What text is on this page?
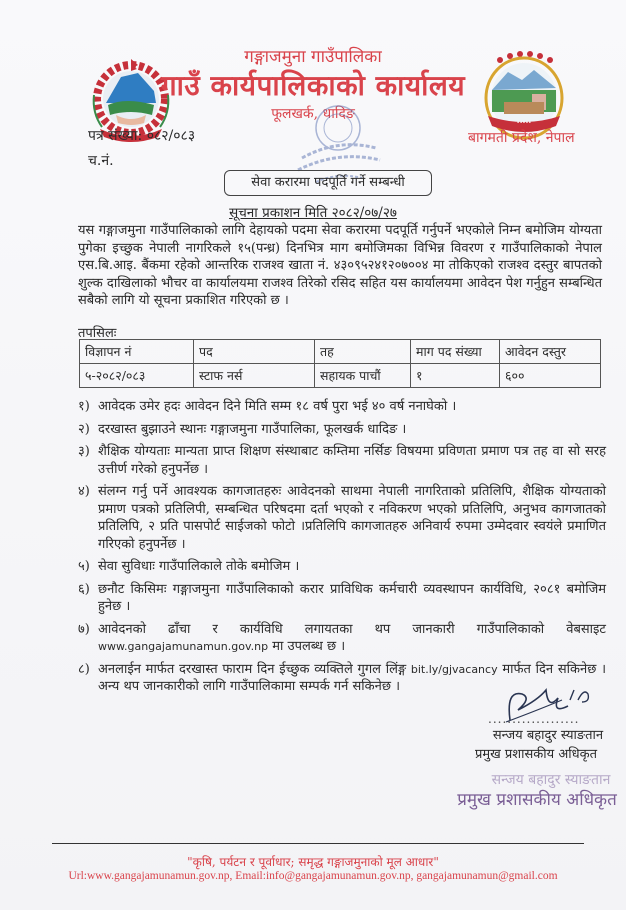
•••••
गङ्गाजमुना गाउँपालिका
गाउँ कार्यपालिकाको कार्यालय
फूलखर्क, धादिङ
बागमती प्रदेश, नेपाल
पत्र संख्या: ०८२/०८३
च.नं.
सेवा करारमा पदपूर्ति गर्ने सम्बन्धी
सूचना प्रकाशन मिति २०८२/०७/२७
यस गङ्गाजमुना गाउँपालिकाको लागि देहायको पदमा सेवा करारमा पदपूर्ति गर्नुपर्ने भएकोले निम्न बमोजिम योग्यता पुगेका इच्छुक नेपाली नागरिकले १५(पन्ध्र) दिनभित्र माग बमोजिमका विभिन्न विवरण र गाउँपालिकाको नेपाल एस.बि.आइ. बैंकमा रहेको आन्तरिक राजश्व खाता नं. ४३०९५२४१२०७००४ मा तोकिएको राजश्व दस्तुर बापतको शुल्क दाखिलाको भौचर वा कार्यालयमा राजश्व तिरेको रसिद सहित यस कार्यालयमा आवेदन पेश गर्नुहुन सम्बन्धित सबैको लागि यो सूचना प्रकाशित गरिएको छ ।
तपसिलः
विज्ञापन नं	पद	तह	माग पद संख्या	आवेदन दस्तुर
५-२०८२/०८३	स्टाफ नर्स	सहायक पाचौं	१	६००
१) आवेदक उमेर हदः आवेदन दिने मिति सम्म १८ वर्ष पुरा भई ४० वर्ष ननाघेको ।
२) दरखास्त बुझाउने स्थानः गङ्गाजमुना गाउँपालिका, फूलखर्क धादिङ ।
३) शैक्षिक योग्यताः मान्यता प्राप्त शिक्षण संस्थाबाट कम्तिमा नर्सिङ विषयमा प्रविणता प्रमाण पत्र तह वा सो सरह उत्तीर्ण गरेको हनुपर्नेछ ।
४) संलग्न गर्नु पर्ने आवश्यक कागजातहरुः आवेदनको साथमा नेपाली नागरिताको प्रतिलिपि, शैक्षिक योग्यताको प्रमाण पत्रको प्रतिलिपी, सम्बन्धित परिषदमा दर्ता भएको र नविकरण भएको प्रतिलिपि, अनुभव कागजातको प्रतिलिपि, २ प्रति पासपोर्ट साईजको फोटो ।प्रतिलिपि कागजातहरु अनिवार्य रुपमा उम्मेदवार स्वयंले प्रमाणित गरिएको हनुपर्नेछ ।
५) सेवा सुविधाः गाउँपालिकाले तोके बमोजिम ।
६) छनौट किसिमः गङ्गाजमुना गाउँपालिकाको करार प्राविधिक कर्मचारी व्यवस्थापन कार्यविधि, २०८१ बमोजिम हुनेछ ।
७) आवेदनको ढाँचा र कार्यविधि लगायतका थप जानकारी गाउँपालिकाको वेबसाइट www.gangajamunamun.gov.np मा उपलब्ध छ ।
८) अनलाईन मार्फत दरखास्त फाराम दिन ईच्छुक व्यक्तिले गुगल लिंङ्ग bit.ly/gjvacancy मार्फत दिन सकिनेछ । अन्य थप जानकारीको लागि गाउँपालिकामा सम्पर्क गर्न सकिनेछ ।
...................
सन्जय बहादुर स्याङतान
प्रमुख प्रशासकीय अधिकृत
सन्जय बहादुर स्याङतान
प्रमुख प्रशासकीय अधिकृत
"कृषि, पर्यटन र पूर्वाधार; समृद्ध गङ्गाजमुनाको मूल आधार"
Url:www.gangajamunamun.gov.np, Email:info@gangajamunamun.gov.np, gangajamunamun@gmail.com
